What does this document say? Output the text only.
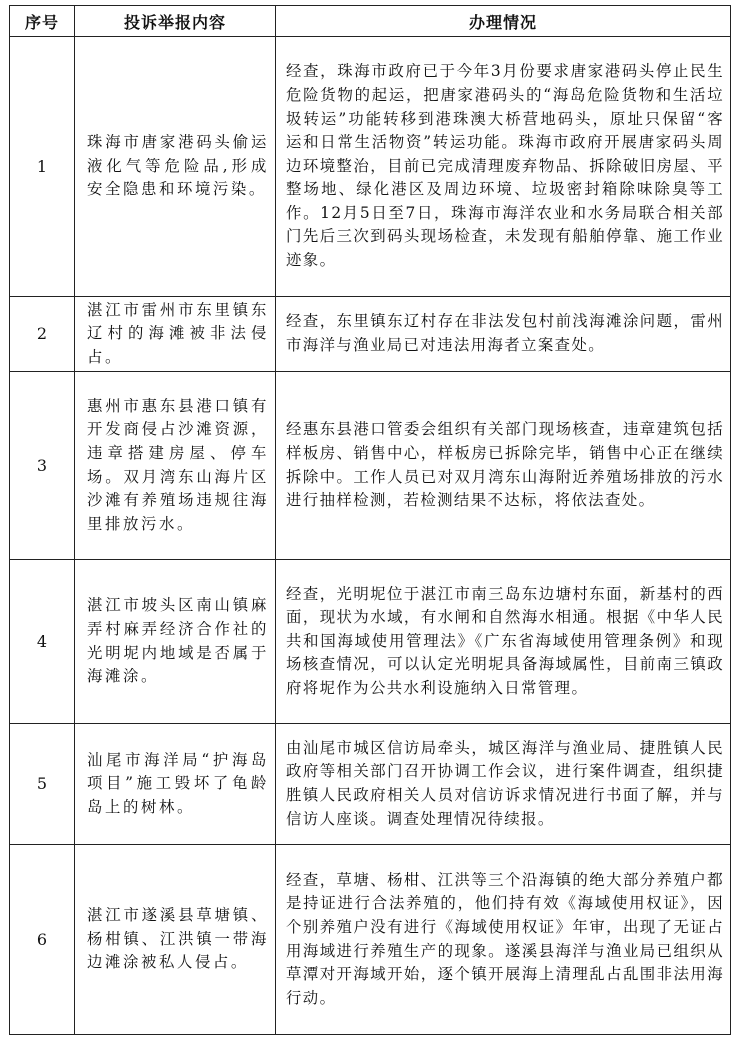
序号	投诉举报内容	办理情况
1	珠海市唐家港码头偷运液化气等危险品,形成安全隐患和环境污染。	经查，珠海市政府已于今年3月份要求唐家港码头停止民生危险货物的起运，把唐家港码头的“海岛危险货物和生活垃圾转运”功能转移到港珠澳大桥营地码头，原址只保留“客运和日常生活物资”转运功能。珠海市政府开展唐家码头周边环境整治，目前已完成清理废弃物品、拆除破旧房屋、平整场地、绿化港区及周边环境、垃圾密封箱除味除臭等工作。12月5日至7日，珠海市海洋农业和水务局联合相关部门先后三次到码头现场检查，未发现有船舶停靠、施工作业迹象。
2	湛江市雷州市东里镇东辽村的海滩被非法侵占。	经查，东里镇东辽村存在非法发包村前浅海滩涂问题，雷州市海洋与渔业局已对违法用海者立案查处。
3	惠州市惠东县港口镇有开发商侵占沙滩资源，违章搭建房屋、停车场。双月湾东山海片区沙滩有养殖场违规往海里排放污水。	经惠东县港口管委会组织有关部门现场核查，违章建筑包括样板房、销售中心，样板房已拆除完毕，销售中心正在继续拆除中。工作人员已对双月湾东山海附近养殖场排放的污水进行抽样检测，若检测结果不达标，将依法查处。
4	湛江市坡头区南山镇麻弄村麻弄经济合作社的光明坭内地域是否属于海滩涂。	经查，光明坭位于湛江市南三岛东边塘村东面，新基村的西面，现状为水域，有水闸和自然海水相通。根据《中华人民共和国海域使用管理法》《广东省海域使用管理条例》和现场核查情况，可以认定光明坭具备海域属性，目前南三镇政府将坭作为公共水利设施纳入日常管理。
5	汕尾市海洋局“护海岛项目”施工毁坏了龟龄岛上的树林。	由汕尾市城区信访局牵头，城区海洋与渔业局、捷胜镇人民政府等相关部门召开协调工作会议，进行案件调查，组织捷胜镇人民政府相关人员对信访诉求情况进行书面了解，并与信访人座谈。调查处理情况待续报。
6	湛江市遂溪县草塘镇、杨柑镇、江洪镇一带海边滩涂被私人侵占。	经查，草塘、杨柑、江洪等三个沿海镇的绝大部分养殖户都是持证进行合法养殖的，他们持有效《海域使用权证》，因个别养殖户没有进行《海域使用权证》年审，出现了无证占用海域进行养殖生产的现象。遂溪县海洋与渔业局已组织从草潭对开海域开始，逐个镇开展海上清理乱占乱围非法用海行动。
